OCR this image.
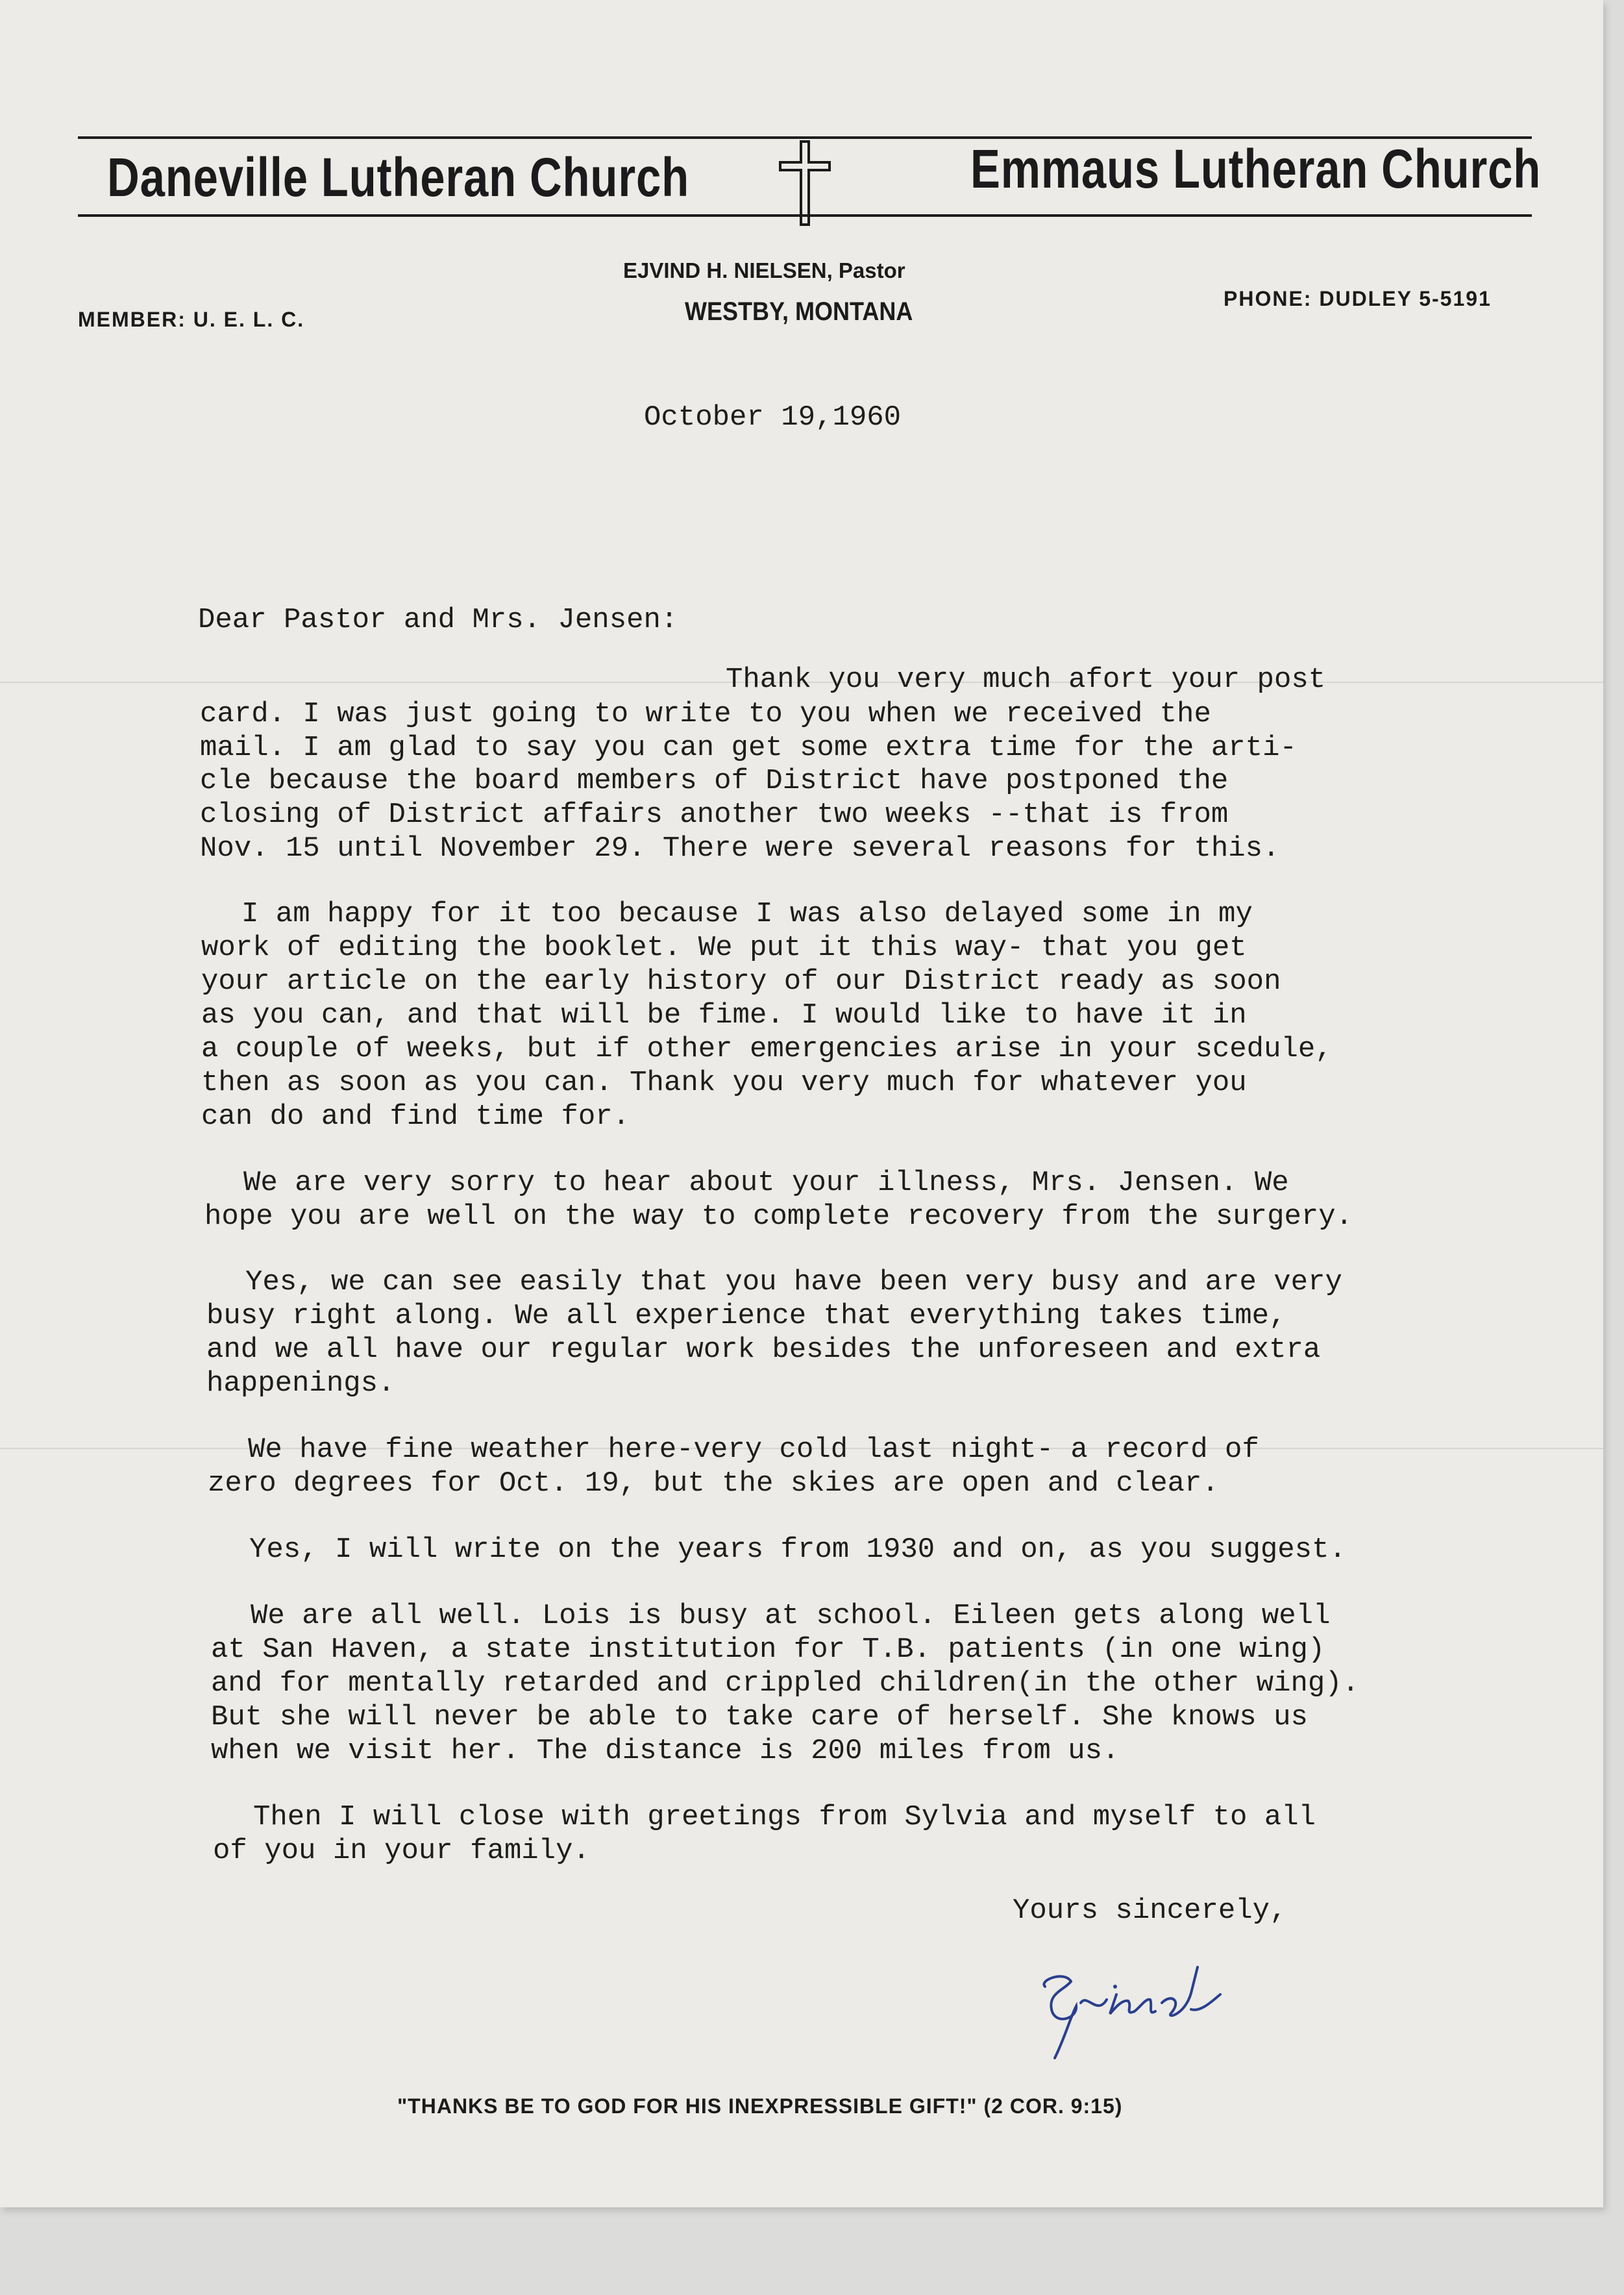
Daneville Lutheran Church	Emmaus Lutheran Church
EJVIND H. NIELSEN, Pastor
WESTBY, MONTANA
MEMBER: U. E. L. C.
PHONE: DUDLEY 5-5191
October 19,1960
Dear Pastor and Mrs. Jensen:
Thank you very much afort your post
card. I was just going to write to you when we received the
mail. I am glad to say you can get some extra time for the arti-
cle because the board members of District have postponed the
closing of District affairs another two weeks --that is from
Nov. 15 until November 29. There were several reasons for this.
I am happy for it too because I was also delayed some in my
work of editing the booklet. We put it this way- that you get
your article on the early history of our District ready as soon
as you can, and that will be fime. I would like to have it in
a couple of weeks, but if other emergencies arise in your scedule,
then as soon as you can. Thank you very much for whatever you
can do and find time for.
We are very sorry to hear about your illness, Mrs. Jensen. We
hope you are well on the way to complete recovery from the surgery.
Yes, we can see easily that you have been very busy and are very
busy right along. We all experience that everything takes time,
and we all have our regular work besides the unforeseen and extra
happenings.
We have fine weather here-very cold last night- a record of
zero degrees for Oct. 19, but the skies are open and clear.
Yes, I will write on the years from 1930 and on, as you suggest.
We are all well. Lois is busy at school. Eileen gets along well
at San Haven, a state institution for T.B. patients (in one wing)
and for mentally retarded and crippled children(in the other wing).
But she will never be able to take care of herself. She knows us
when we visit her. The distance is 200 miles from us.
Then I will close with greetings from Sylvia and myself to all
of you in your family.
Yours sincerely,
"THANKS BE TO GOD FOR HIS INEXPRESSIBLE GIFT!" (2 COR. 9:15)
